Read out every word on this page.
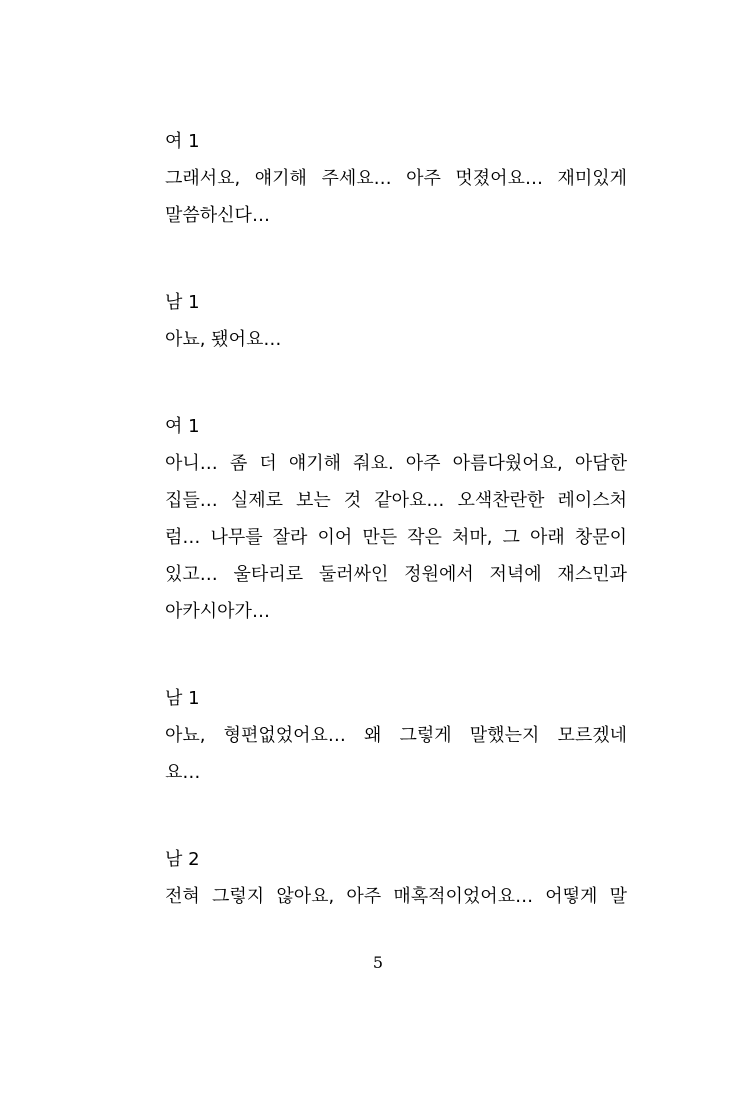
여 1

그래서요, 얘기해 주세요… 아주 멋졌어요… 재미있게

말씀하신다…

남 1

아뇨, 됐어요…

여 1

아니… 좀 더 얘기해 줘요. 아주 아름다웠어요, 아담한

집들… 실제로 보는 것 같아요… 오색찬란한 레이스처

럼… 나무를 잘라 이어 만든 작은 처마, 그 아래 창문이

있고… 울타리로 둘러싸인 정원에서 저녁에 재스민과

아카시아가…

남 1

아뇨, 형편없었어요… 왜 그렇게 말했는지 모르겠네

요…

남 2

전혀 그렇지 않아요, 아주 매혹적이었어요… 어떻게 말

5
